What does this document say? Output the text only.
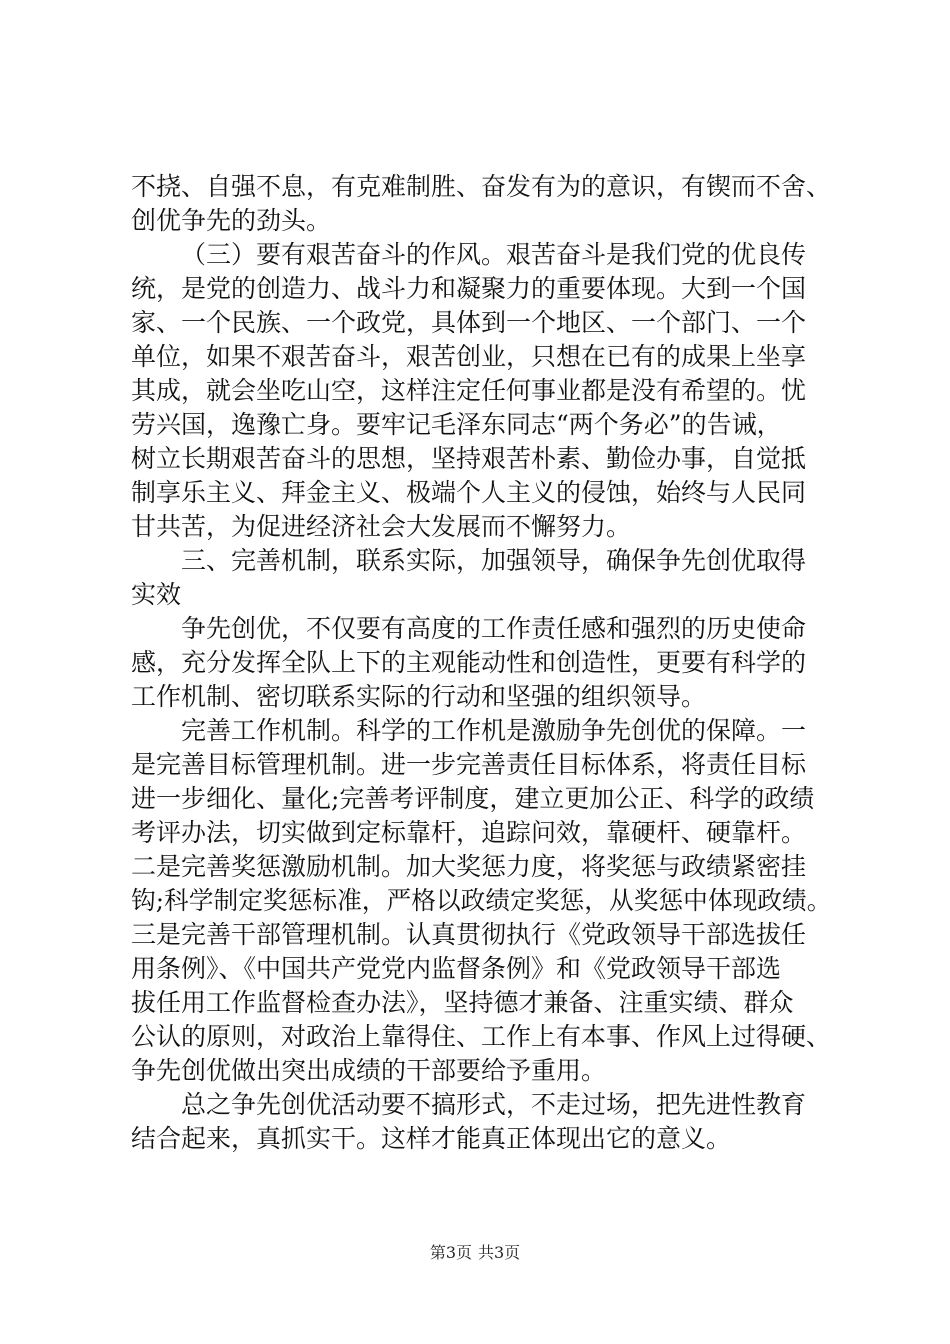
不挠、自强不息，有克难制胜、奋发有为的意识，有锲而不舍、
创优争先的劲头。
（三）要有艰苦奋斗的作风。艰苦奋斗是我们党的优良传
统，是党的创造力、战斗力和凝聚力的重要体现。大到一个国
家、一个民族、一个政党，具体到一个地区、一个部门、一个
单位，如果不艰苦奋斗，艰苦创业，只想在已有的成果上坐享
其成，就会坐吃山空，这样注定任何事业都是没有希望的。忧
劳兴国，逸豫亡身。要牢记毛泽东同志“两个务必”的告诫，
树立长期艰苦奋斗的思想，坚持艰苦朴素、勤俭办事，自觉抵
制享乐主义、拜金主义、极端个人主义的侵蚀，始终与人民同
甘共苦，为促进经济社会大发展而不懈努力。
三、完善机制，联系实际，加强领导，确保争先创优取得
实效
争先创优，不仅要有高度的工作责任感和强烈的历史使命
感，充分发挥全队上下的主观能动性和创造性，更要有科学的
工作机制、密切联系实际的行动和坚强的组织领导。
完善工作机制。科学的工作机是激励争先创优的保障。一
是完善目标管理机制。进一步完善责任目标体系，将责任目标
进一步细化、量化;完善考评制度，建立更加公正、科学的政绩
考评办法，切实做到定标靠杆，追踪问效，靠硬杆、硬靠杆。
二是完善奖惩激励机制。加大奖惩力度，将奖惩与政绩紧密挂
钩;科学制定奖惩标准，严格以政绩定奖惩，从奖惩中体现政绩。
三是完善干部管理机制。认真贯彻执行《党政领导干部选拔任
用条例》、《中国共产党党内监督条例》和《党政领导干部选
拔任用工作监督检查办法》，坚持德才兼备、注重实绩、群众
公认的原则，对政治上靠得住、工作上有本事、作风上过得硬、
争先创优做出突出成绩的干部要给予重用。
总之争先创优活动要不搞形式，不走过场，把先进性教育
结合起来，真抓实干。这样才能真正体现出它的意义。
第3页 共3页
